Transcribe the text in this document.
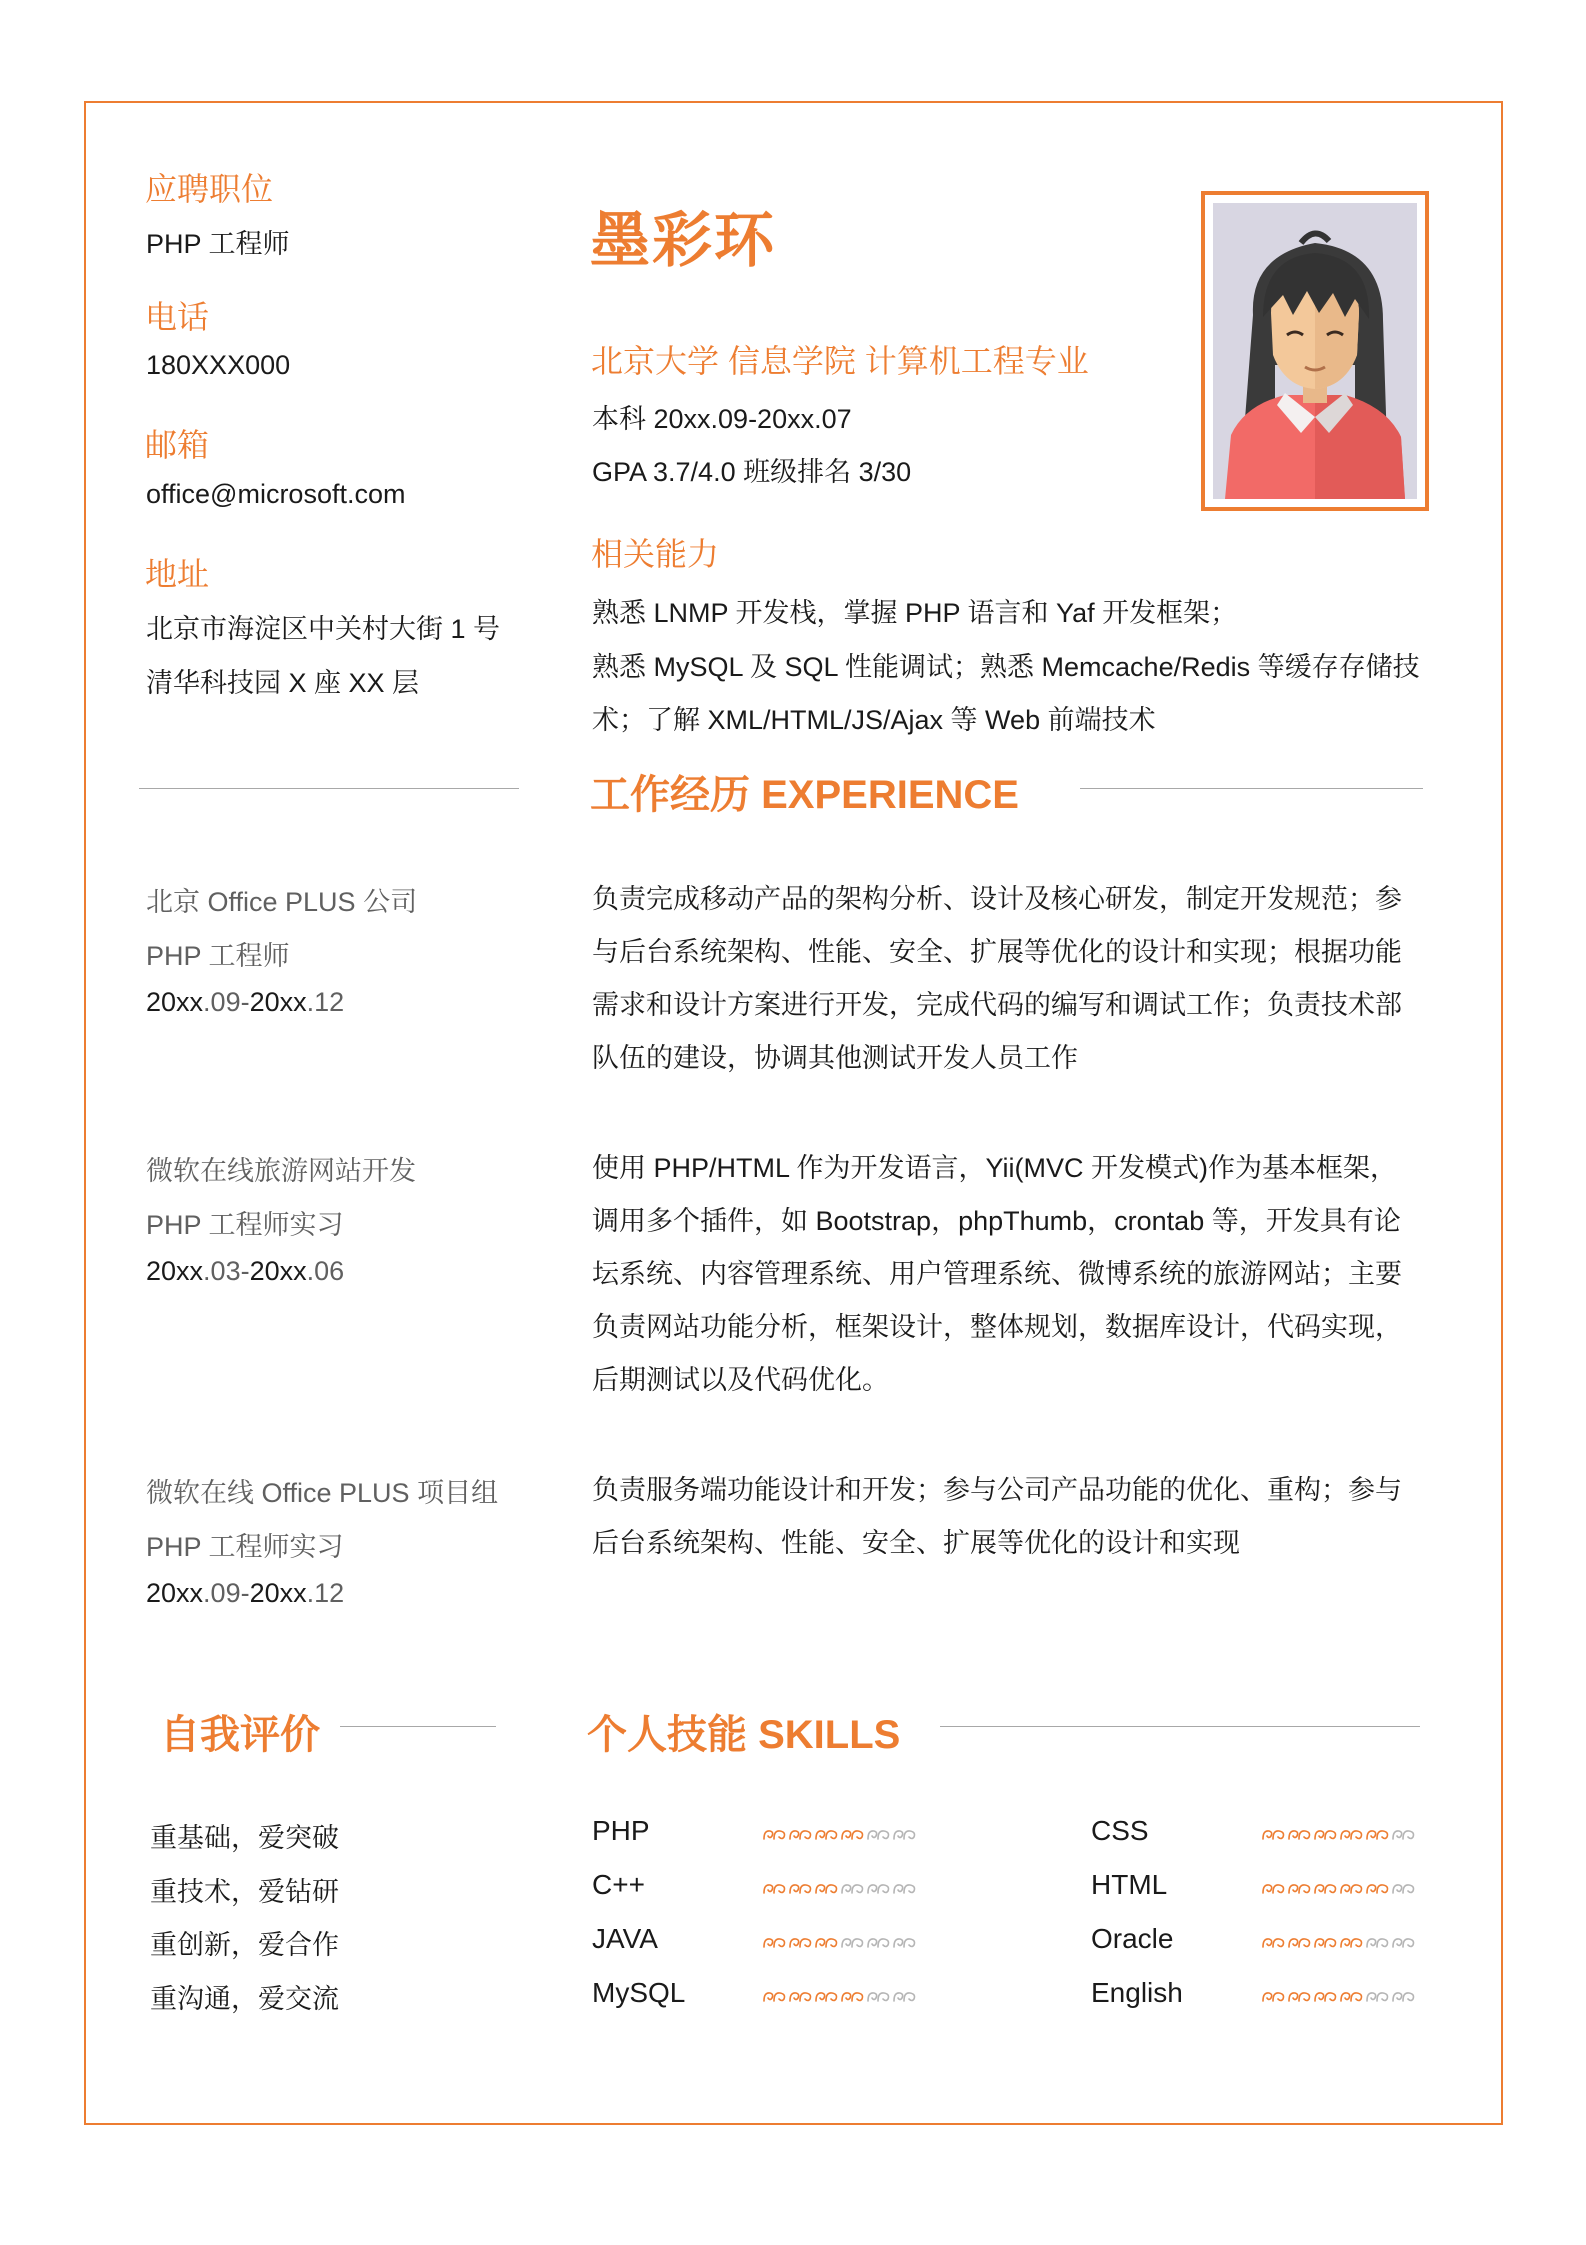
应聘职位
PHP 工程师
电话
180XXX000
邮箱
office@microsoft.com
地址
北京市海淀区中关村大街 1 号
清华科技园 X 座 XX 层
墨彩环
北京大学 信息学院 计算机工程专业
本科 20xx.09-20xx.07
GPA 3.7/4.0 班级排名 3/30
相关能力
熟悉 LNMP 开发栈，掌握 PHP 语言和 Yaf 开发框架；
熟悉 MySQL 及 SQL 性能调试；熟悉 Memcache/Redis 等缓存存储技
术；了解 XML/HTML/JS/Ajax 等 Web 前端技术
工作经历 EXPERIENCE
北京 Office PLUS 公司
PHP 工程师
20xx.09-20xx.12
负责完成移动产品的架构分析、设计及核心研发，制定开发规范；参与后台系统架构、性能、安全、扩展等优化的设计和实现；根据功能需求和设计方案进行开发，完成代码的编写和调试工作；负责技术部队伍的建设，协调其他测试开发人员工作
微软在线旅游网站开发
PHP 工程师实习
20xx.03-20xx.06
使用 PHP/HTML 作为开发语言，Yii(MVC 开发模式)作为基本框架，调用多个插件，如 Bootstrap，phpThumb，crontab 等，开发具有论坛系统、内容管理系统、用户管理系统、微博系统的旅游网站；主要负责网站功能分析，框架设计，整体规划，数据库设计，代码实现，后期测试以及代码优化。
微软在线 Office PLUS 项目组
PHP 工程师实习
20xx.09-20xx.12
负责服务端功能设计和开发；参与公司产品功能的优化、重构；参与后台系统架构、性能、安全、扩展等优化的设计和实现
自我评价
重基础，爱突破
重技术，爱钻研
重创新，爱合作
重沟通，爱交流
个人技能 SKILLS
PHP
C++
JAVA
MySQL
CSS
HTML
Oracle
English
